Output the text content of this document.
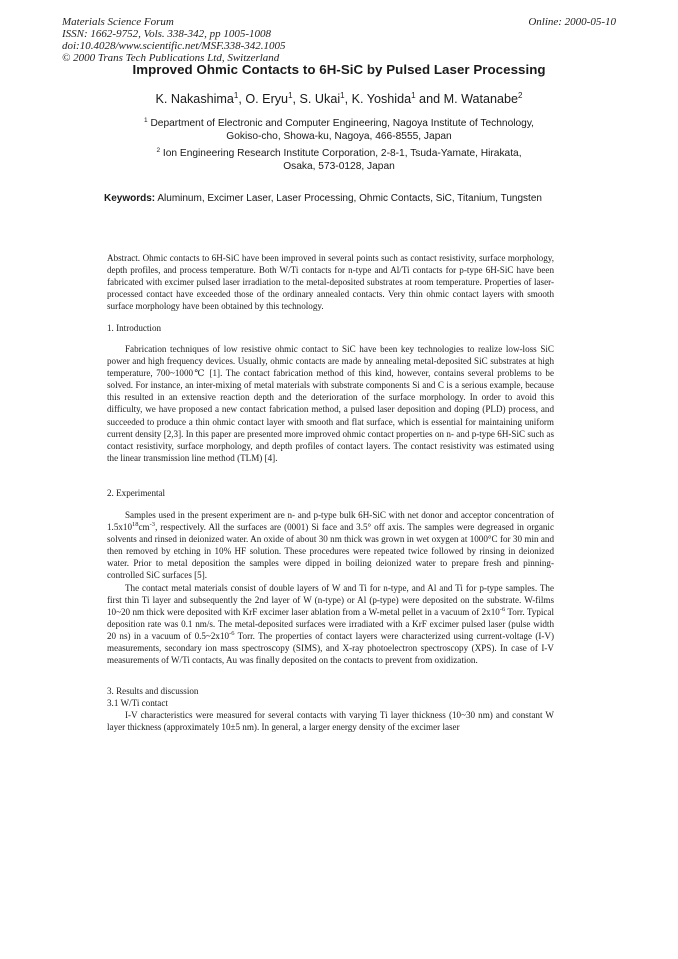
Materials Science Forum
ISSN: 1662-9752, Vols. 338-342, pp 1005-1008
doi:10.4028/www.scientific.net/MSF.338-342.1005
© 2000 Trans Tech Publications Ltd, Switzerland
Online: 2000-05-10
Improved Ohmic Contacts to 6H-SiC by Pulsed Laser Processing
K. Nakashima$^1$, O. Eryu$^1$, S. Ukai$^1$, K. Yoshida$^1$ and M. Watanabe$^2$
$^1$ Department of Electronic and Computer Engineering, Nagoya Institute of Technology,
Gokiso-cho, Showa-ku, Nagoya, 466-8555, Japan
$^2$ Ion Engineering Research Institute Corporation, 2-8-1, Tsuda-Yamate, Hirakata,
Osaka, 573-0128, Japan
Keywords: Aluminum, Excimer Laser, Laser Processing, Ohmic Contacts, SiC, Titanium, Tungsten

Abstract. Ohmic contacts to 6H-SiC have been improved in several points such as contact resistivity, surface morphology, depth profiles, and process temperature. Both W/Ti contacts for n-type and Al/Ti contacts for p-type 6H-SiC have been fabricated with excimer pulsed laser irradiation to the metal-deposited substrates at room temperature. Properties of laser-processed contact have exceeded those of the ordinary annealed contacts. Very thin ohmic contact layers with smooth surface morphology have been obtained by this technology.

1. Introduction

Fabrication techniques of low resistive ohmic contact to SiC have been key technologies to realize low-loss SiC power and high frequency devices. Usually, ohmic contacts are made by annealing metal-deposited SiC substrates at high temperature, 700~1000℃ [1]. The contact fabrication method of this kind, however, contains several problems to be solved. For instance, an inter-mixing of metal materials with substrate components Si and C is a serious example, because this resulted in an extensive reaction depth and the deterioration of the surface morphology. In order to avoid this difficulty, we have proposed a new contact fabrication method, a pulsed laser deposition and doping (PLD) process, and succeeded to produce a thin ohmic contact layer with smooth and flat surface, which is essential for maintaining uniform current density [2,3]. In this paper are presented more improved ohmic contact properties on n- and p-type 6H-SiC such as contact resistivity, surface morphology, and depth profiles of contact layers. The contact resistivity was estimated using the linear transmission line method (TLM) [4].

2. Experimental

Samples used in the present experiment are n- and p-type bulk 6H-SiC with net donor and acceptor concentration of $1.5x10^{18}cm^{-3}$, respectively. All the surfaces are (0001) Si face and 3.5° off axis. The samples were degreased in organic solvents and rinsed in deionized water. An oxide of about 30 nm thick was grown in wet oxygen at 1000°C for 30 min and then removed by etching in 10% HF solution. These procedures were repeated twice followed by rinsing in deionized water. Prior to metal deposition the samples were dipped in boiling deionized water to prepare fresh and pinning-controlled SiC surfaces [5].

The contact metal materials consist of double layers of W and Ti for n-type, and Al and Ti for p-type samples. The first thin Ti layer and subsequently the 2nd layer of W (n-type) or Al (p-type) were deposited on the substrate. W-films 10~20 nm thick were deposited with KrF excimer laser ablation from a W-metal pellet in a vacuum of $2x10^{-6}$ Torr. Typical deposition rate was 0.1 nm/s. The metal-deposited surfaces were irradiated with a KrF excimer pulsed laser (pulse width 20 ns) in a vacuum of $0.5\sim 2x10^{-6}$ Torr. The properties of contact layers were characterized using current-voltage (I-V) measurements, secondary ion mass spectroscopy (SIMS), and X-ray photoelectron spectroscopy (XPS). In case of I-V measurements of W/Ti contacts, Au was finally deposited on the contacts to prevent from oxidization.

3. Results and discussion
3.1 W/Ti contact

I-V characteristics were measured for several contacts with varying Ti layer thickness (10~30 nm) and constant W layer thickness (approximately 10±5 nm). In general, a larger energy density of the excimer laser
